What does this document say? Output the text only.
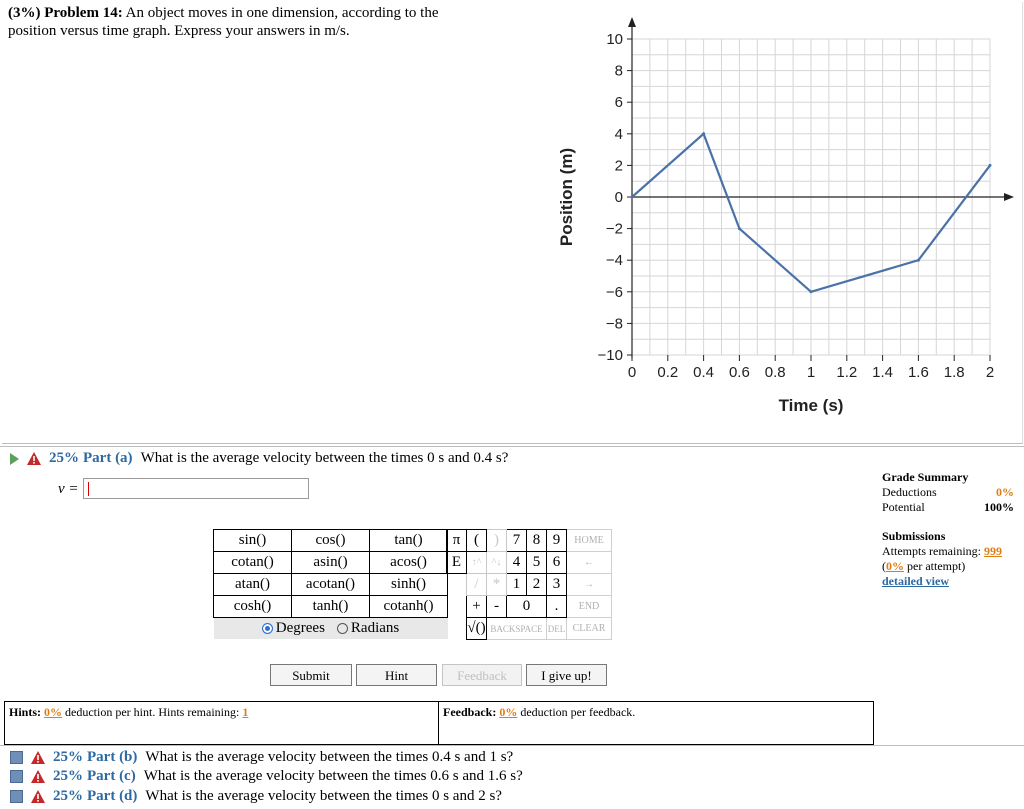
(3%) Problem 14: An object moves in one dimension, according to the position versus time graph. Express your answers in m/s.	10
8
6
4
2
0
−2
−4
−6
−8
−10
0 0.2 0.4 0.6 0.8 1 1.2 1.4 1.6 1.8 2
Time (s)
Position (m)
25% Part (a) What is the average velocity between the times 0 s and 0.4 s?
v =
sin()	cos()	tan()
cotan()	asin()	acos()
atan()	acotan()	sinh()
cosh()	tanh()	cotanh()

Degrees Radians		
π	(	)	7	8	9	HOME
E	↑^	^↓	4	5	6	←
	/	*	1	2	3	→
	+	-	0		.	END
	√()	BACKSPACE			DEL	CLEAR
Submit	Hint	Feedback	I give up!
Hints: 0% deduction per hint. Hints remaining: 1	Feedback: 0% deduction per feedback.
25% Part (b) What is the average velocity between the times 0.4 s and 1 s?
25% Part (c) What is the average velocity between the times 0.6 s and 1.6 s?
25% Part (d) What is the average velocity between the times 0 s and 2 s?
Grade Summary
Deductions	0%
Potential	100%
Submissions
Attempts remaining: 999
(0% per attempt)
detailed view
